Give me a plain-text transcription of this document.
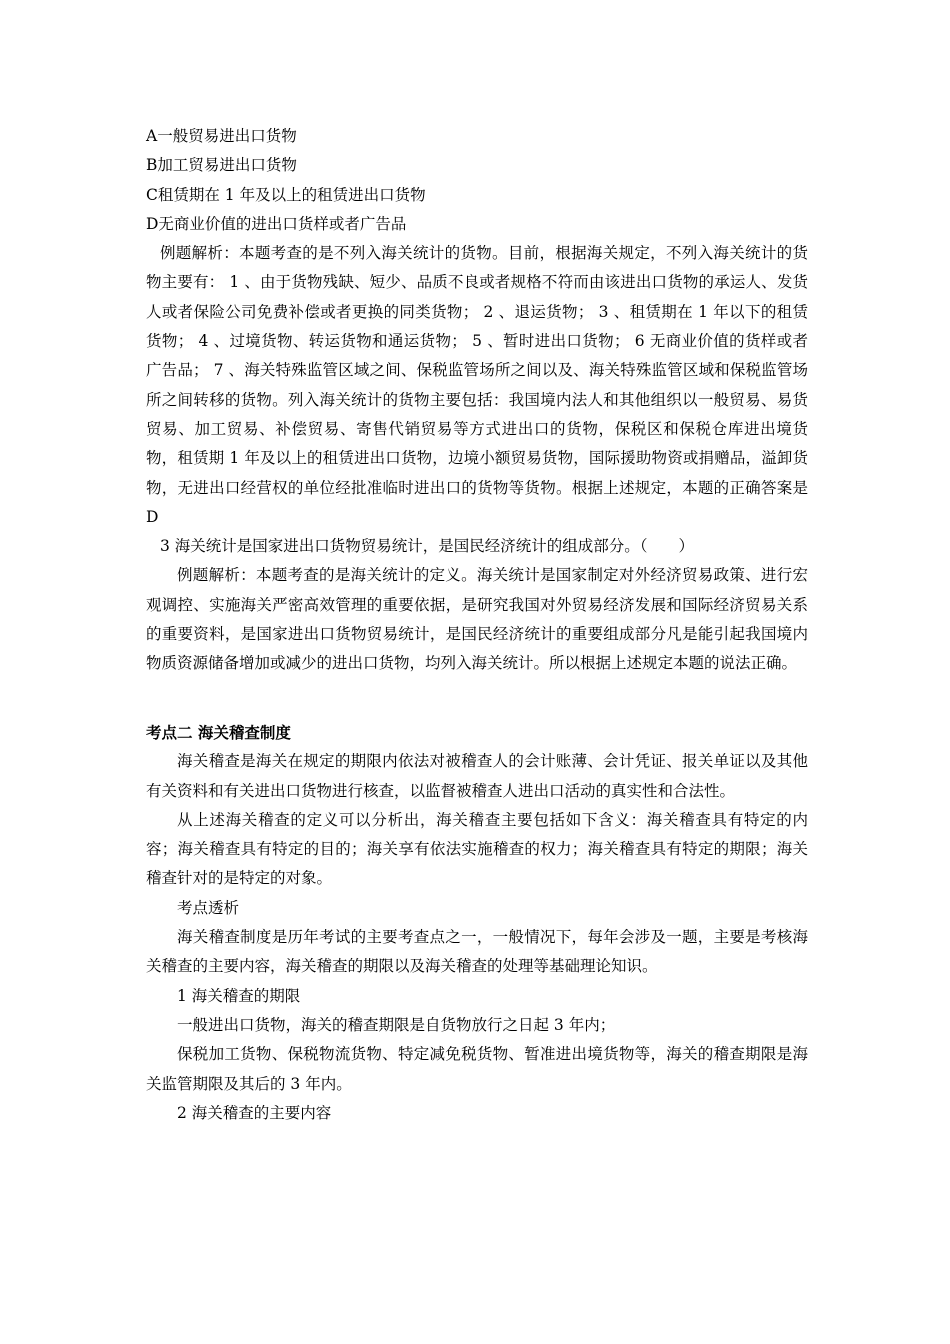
A一般贸易进出口货物

B加工贸易进出口货物

C租赁期在 1 年及以上的租赁进出口货物

D无商业价值的进出口货样或者广告品

例题解析：本题考查的是不列入海关统计的货物。目前，根据海关规定，不列入海关统计的货物主要有： 1 、由于货物残缺、短少、品质不良或者规格不符而由该进出口货物的承运人、发货人或者保险公司免费补偿或者更换的同类货物； 2 、退运货物； 3 、租赁期在 1 年以下的租赁货物； 4 、过境货物、转运货物和通运货物； 5 、暂时进出口货物； 6 无商业价值的货样或者广告品； 7 、海关特殊监管区域之间、保税监管场所之间以及、海关特殊监管区域和保税监管场所之间转移的货物。列入海关统计的货物主要包括：我国境内法人和其他组织以一般贸易、易货贸易、加工贸易、补偿贸易、寄售代销贸易等方式进出口的货物，保税区和保税仓库进出境货物，租赁期 1 年及以上的租赁进出口货物，边境小额贸易货物，国际援助物资或捐赠品，溢卸货物，无进出口经营权的单位经批准临时进出口的货物等货物。根据上述规定，本题的正确答案是 D

3 海关统计是国家进出口货物贸易统计，是国民经济统计的组成部分。（　　）

例题解析：本题考查的是海关统计的定义。海关统计是国家制定对外经济贸易政策、进行宏观调控、实施海关严密高效管理的重要依据，是研究我国对外贸易经济发展和国际经济贸易关系的重要资料，是国家进出口货物贸易统计，是国民经济统计的重要组成部分凡是能引起我国境内物质资源储备增加或减少的进出口货物，均列入海关统计。所以根据上述规定本题的说法正确。

考点二 海关稽查制度

海关稽查是海关在规定的期限内依法对被稽查人的会计账薄、会计凭证、报关单证以及其他有关资料和有关进出口货物进行核查，以监督被稽查人进出口活动的真实性和合法性。

从上述海关稽查的定义可以分析出，海关稽查主要包括如下含义：海关稽查具有特定的内容；海关稽查具有特定的目的；海关享有依法实施稽查的权力；海关稽查具有特定的期限；海关稽查针对的是特定的对象。

考点透析

海关稽查制度是历年考试的主要考查点之一，一般情况下，每年会涉及一题，主要是考核海关稽查的主要内容，海关稽查的期限以及海关稽查的处理等基础理论知识。

1 海关稽查的期限

一般进出口货物，海关的稽查期限是自货物放行之日起 3 年内；

保税加工货物、保税物流货物、特定减免税货物、暂准进出境货物等，海关的稽查期限是海关监管期限及其后的 3 年内。

2 海关稽查的主要内容
